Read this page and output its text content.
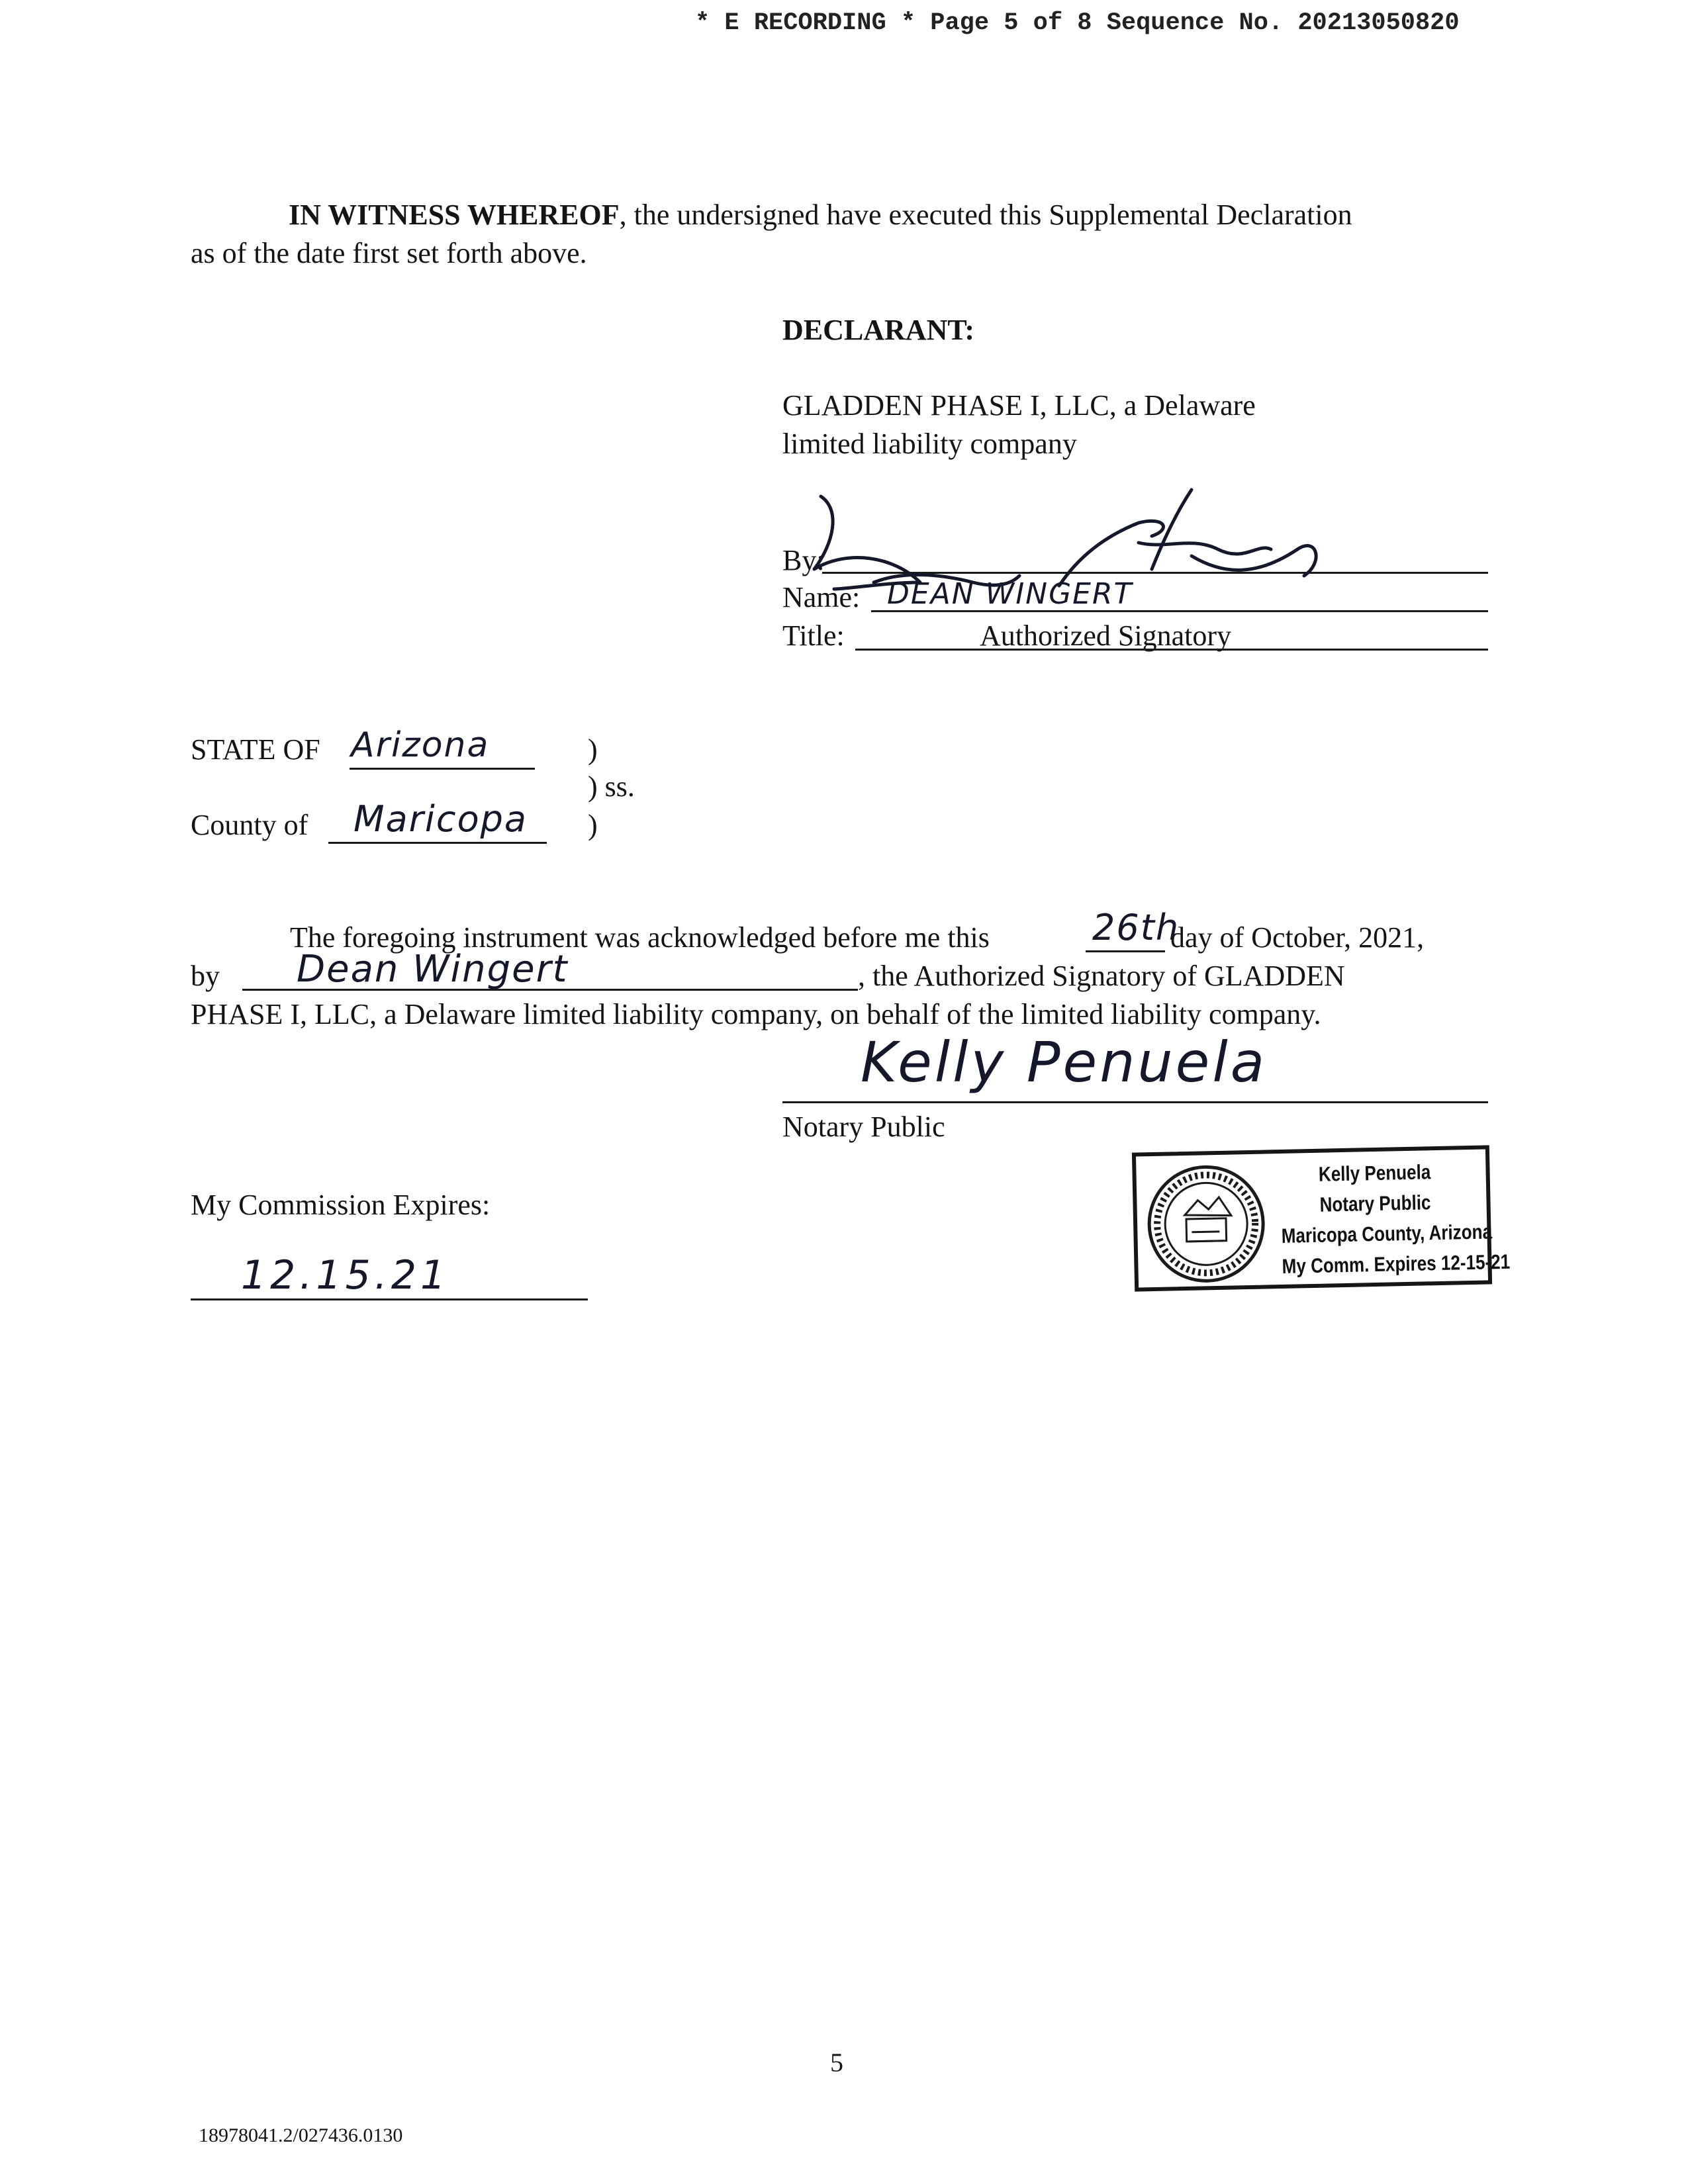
* E RECORDING * Page 5 of 8 Sequence No. 20213050820
IN WITNESS WHEREOF, the undersigned have executed this Supplemental Declaration
as of the date first set forth above.
DECLARANT:
GLADDEN PHASE I, LLC, a Delaware
limited liability company
By:
Name: DEAN WINGERT
Title:	Authorized Signatory
STATE OF Arizona	)
) ss.
County of Maricopa )
The foregoing instrument was acknowledged before me this	26th
day of October, 2021,
by Dean Wingert	, the Authorized Signatory of GLADDEN
PHASE I, LLC, a Delaware limited liability company, on behalf of the limited liability company.
Kelly Penuela
Notary Public
My Commission Expires:
12.15.21
Kelly Penuela
Notary Public
Maricopa County, Arizona
My Comm. Expires 12-15-21
5
18978041.2/027436.0130
